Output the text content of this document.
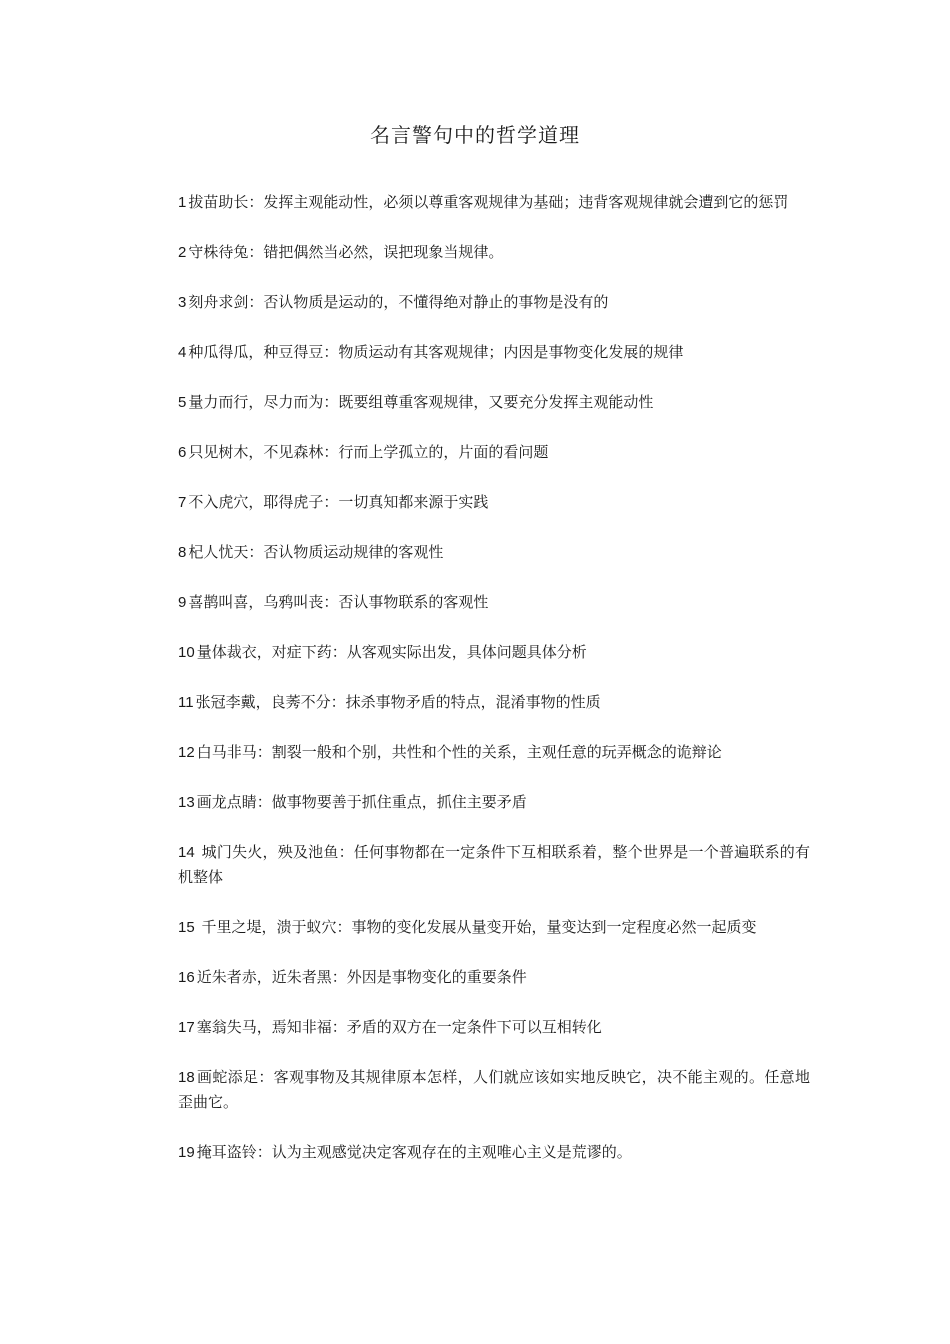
名言警句中的哲学道理
1 拔苗助长：发挥主观能动性，必须以尊重客观规律为基础；违背客观规律就会遭到它的惩罚
2 守株待兔：错把偶然当必然，误把现象当规律。
3 刻舟求剑：否认物质是运动的，不懂得绝对静止的事物是没有的
4 种瓜得瓜，种豆得豆：物质运动有其客观规律；内因是事物变化发展的规律
5 量力而行，尽力而为：既要组尊重客观规律，又要充分发挥主观能动性
6 只见树木，不见森林：行而上学孤立的，片面的看问题
7 不入虎穴，耶得虎子：一切真知都来源于实践
8 杞人忧天：否认物质运动规律的客观性
9 喜鹊叫喜，乌鸦叫丧：否认事物联系的客观性
10 量体裁衣，对症下药：从客观实际出发，具体问题具体分析
11 张冠李戴，良莠不分：抹杀事物矛盾的特点，混淆事物的性质
12 白马非马：割裂一般和个别，共性和个性的关系，主观任意的玩弄概念的诡辩论
13 画龙点睛：做事物要善于抓住重点，抓住主要矛盾
14 城门失火，殃及池鱼：任何事物都在一定条件下互相联系着，整个世界是一个普遍联系的有机整体
15 千里之堤，溃于蚁穴：事物的变化发展从量变开始，量变达到一定程度必然一起质变
16 近朱者赤，近朱者黑：外因是事物变化的重要条件
17 塞翁失马，焉知非福：矛盾的双方在一定条件下可以互相转化
18 画蛇添足：客观事物及其规律原本怎样，人们就应该如实地反映它，决不能主观的。任意地歪曲它。
19 掩耳盗铃：认为主观感觉决定客观存在的主观唯心主义是荒谬的。
